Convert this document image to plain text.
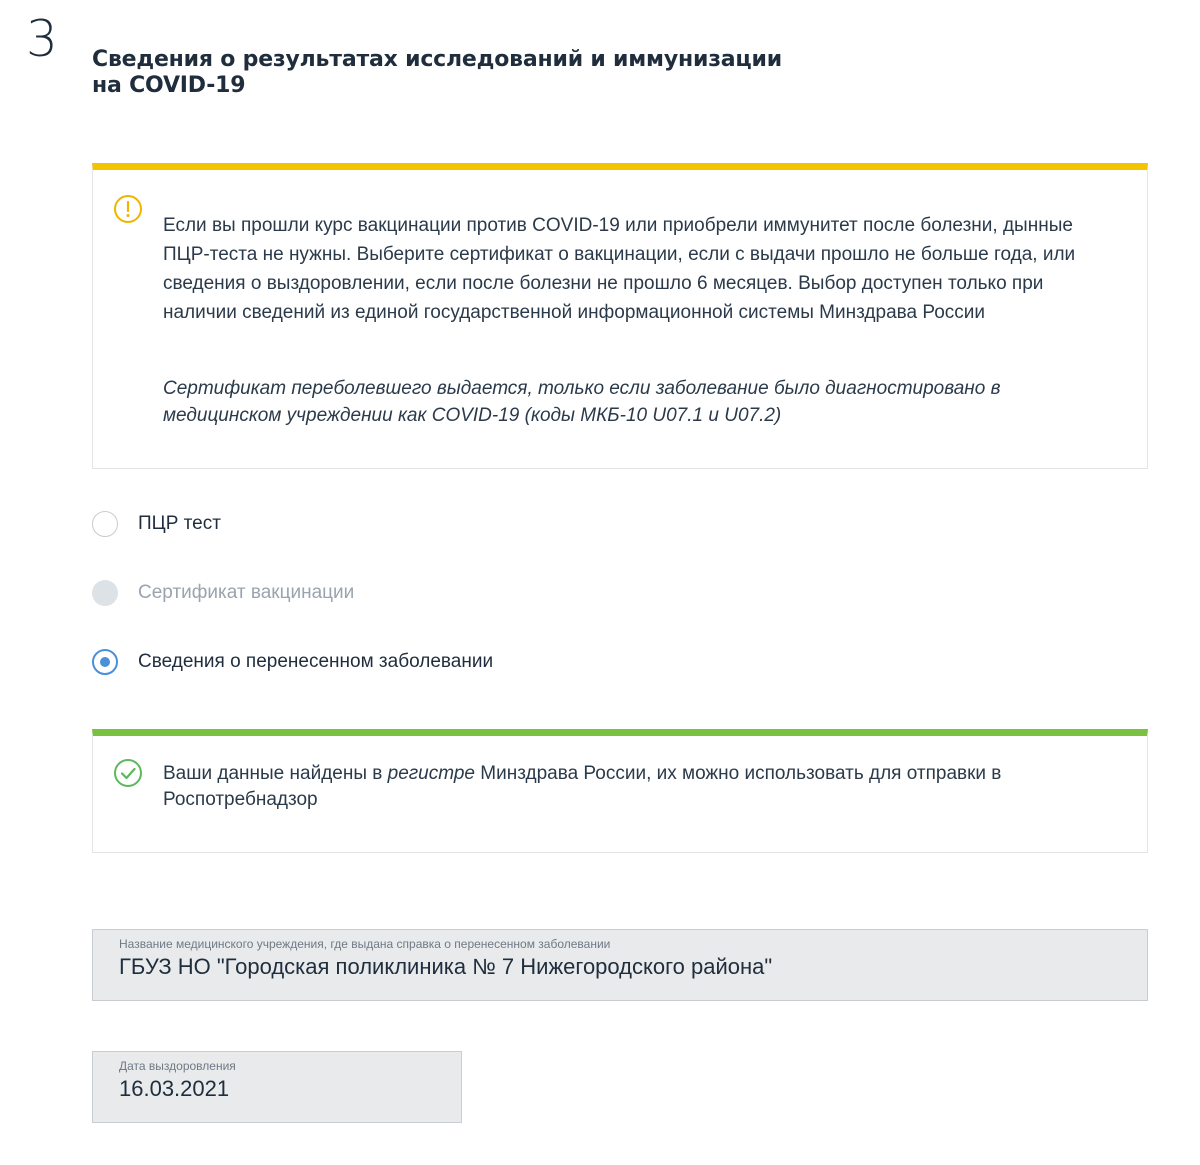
3 Сведения о результатах исследований и иммунизации на COVID-19
Если вы прошли курс вакцинации против COVID-19 или приобрели иммунитет после болезни, дынные ПЦР-теста не нужны. Выберите сертификат о вакцинации, если с выдачи прошло не больше года, или сведения о выздоровлении, если после болезни не прошло 6 месяцев. Выбор доступен только при наличии сведений из единой государственной информационной системы Минздрава России
Сертификат переболевшего выдается, только если заболевание было диагностировано в медицинском учреждении как COVID-19 (коды МКБ-10 U07.1 и U07.2)
ПЦР тест
Сертификат вакцинации
Сведения о перенесенном заболевании
Ваши данные найдены в регистре Минздрава России, их можно использовать для отправки в Роспотребнадзор
Название медицинского учреждения, где выдана справка о перенесенном заболевании
ГБУЗ НО "Городская поликлиника № 7 Нижегородского района"
Дата выздоровления
16.03.2021
